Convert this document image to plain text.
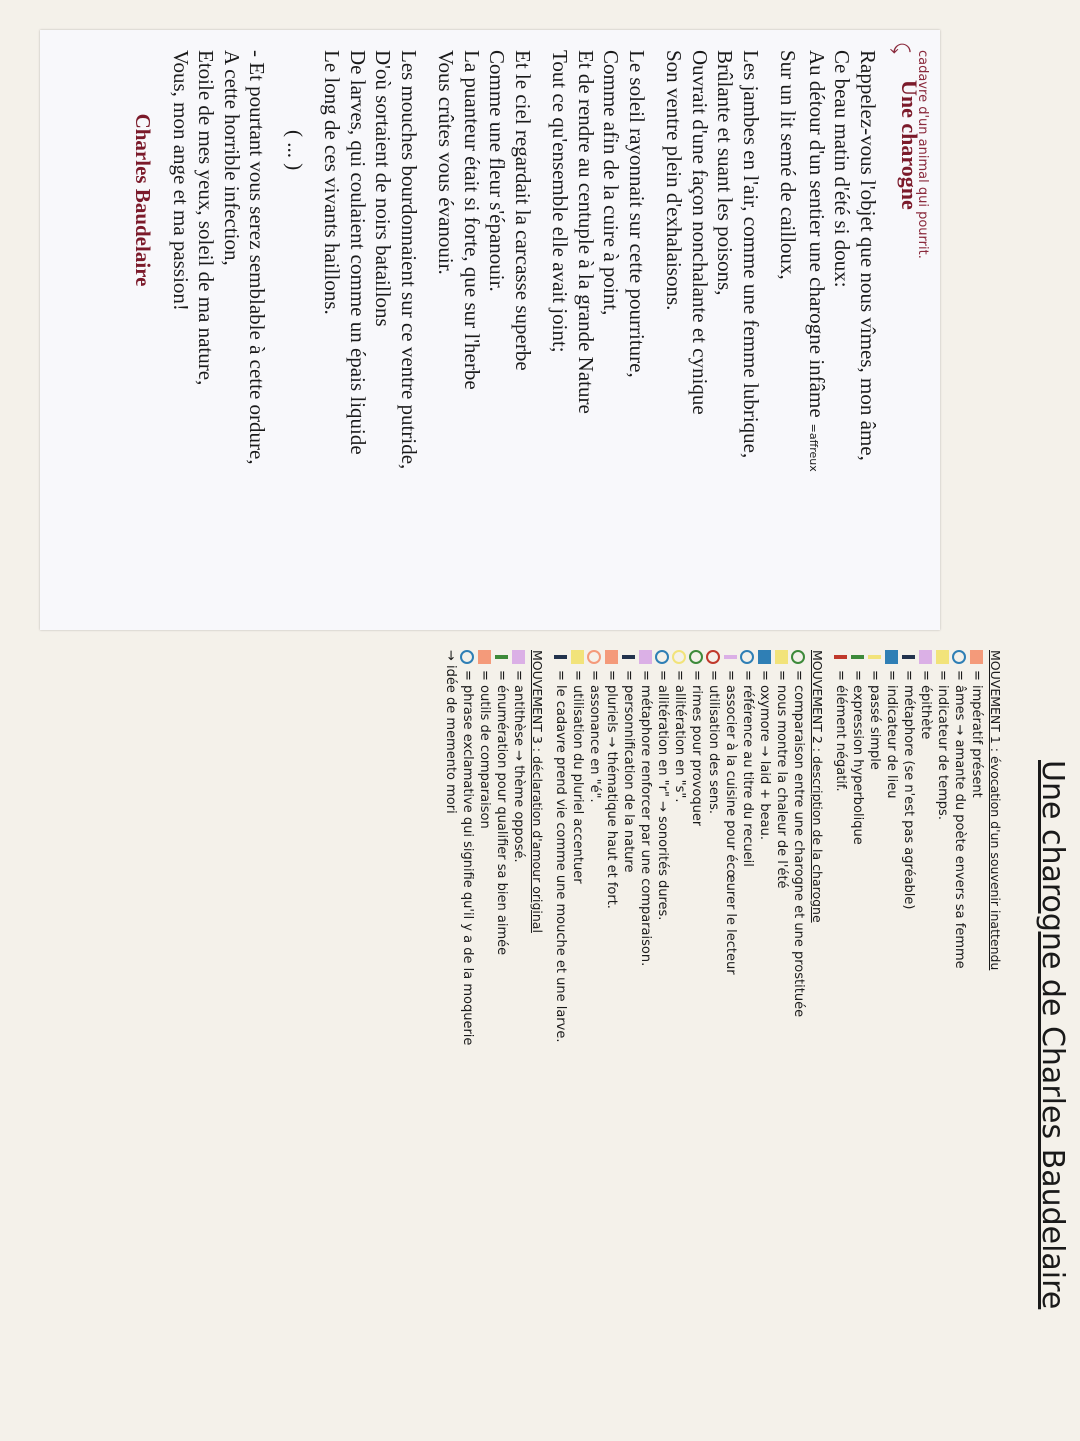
Une charogne de Charles Baudelaire
cadavre d'un animal qui pourrit.
⤹
Une charogne
Rappelez-vous l'objet que nous vîmes, mon âme,
Ce beau matin d'été si doux:
Au détour d'un sentier une charogne infâme=affreux
Sur un lit semé de cailloux,
Les jambes en l'air, comme une femme lubrique,
Brûlante et suant les poisons,
Ouvrait d'une façon nonchalante et cynique
Son ventre plein d'exhalaisons.
Le soleil rayonnait sur cette pourriture,
Comme afin de la cuire à point,
Et de rendre au centuple à la grande Nature
Tout ce qu'ensemble elle avait joint;
Et le ciel regardait la carcasse superbe
Comme une fleur s'épanouir.
La puanteur était si forte, que sur l'herbe
Vous crûtes vous évanouir.
Les mouches bourdonnaient sur ce ventre putride,
D'où sortaient de noirs bataillons
De larves, qui coulaient comme un épais liquide
Le long de ces vivants haillons.
( ... )
- Et pourtant vous serez semblable à cette ordure,
A cette horrible infection,
Etoile de mes yeux, soleil de ma nature,
Vous, mon ange et ma passion!
Charles Baudelaire
MOUVEMENT 1 : évocation d'un souvenir inattendu
= impératif présent
= âmes → amante du poète envers sa femme
= indicateur de temps.
= épithète
= métaphore (se n'est pas agréable)
= indicateur de lieu
= passé simple
= expression hyperbolique
= élément négatif.
MOUVEMENT 2 : description de la charogne
= comparaison entre une charogne et une prostituée
= nous montre la chaleur de l'été
= oxymore → laid + beau.
= référence au titre du recueil
= associer à la cuisine pour écœurer le lecteur
= utilisation des sens.
= rimes pour provoquer
= allitération en "s".
= allitération en "r" → sonorités dures.
= métaphore renforcer par une comparaison.
= personnification de la nature
= pluriels → thématique haut et fort.
= assonance en "é".
= utilisation du pluriel accentuer
= le cadavre prend vie comme une mouche et une larve.
MOUVEMENT 3 : déclaration d'amour original
= antithèse → thème opposé.
= énumération pour qualifier sa bien aimée
= outils de comparaison
= phrase exclamative qui signifie qu'il y a de la moquerie
→ idée de memento mori
